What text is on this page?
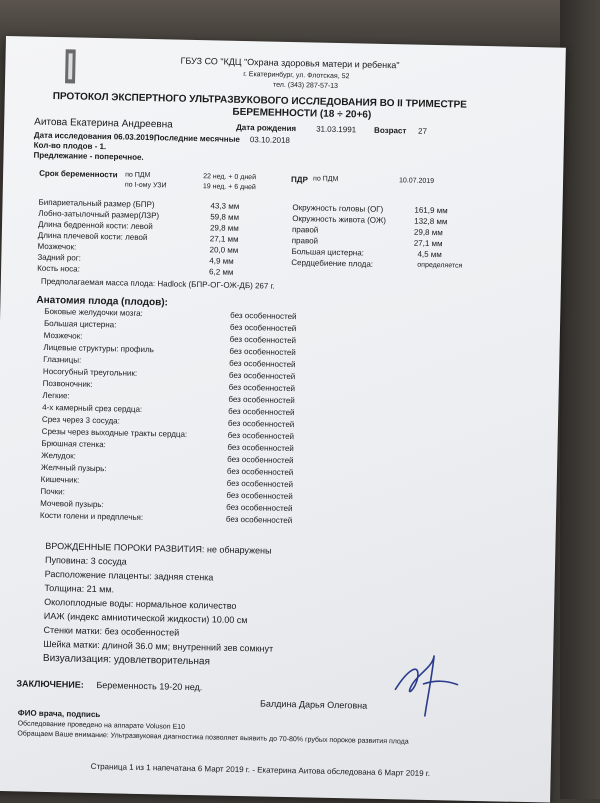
ГБУЗ СО "КДЦ "Охрана здоровья матери и ребенка"
г. Екатеринбург, ул. Флотская, 52
тел. (343) 287-57-13
ПРОТОКОЛ ЭКСПЕРТНОГО УЛЬТРАЗВУКОВОГО ИССЛЕДОВАНИЯ ВО II ТРИМЕСТРЕ
БЕРЕМЕННОСТИ (18 ÷ 20+6)
Аитова Екатерина Андреевна	Дата рождения 31.03.1991 Возраст 27
Дата исследования 06.03.2019,
Последние месячные 03.10.2018
Кол-во плодов - 1.
Предлежание - поперечное.
Срок беременности по ПДМ	22 нед. + 0 дней
по I-ому УЗИ	19 нед. + 6 дней
ПДР по ПДМ	10.07.2019
Бипариетальный размер (БПР)	43,3 мм
Лобно-затылочный размер(ЛЗР)	59,8 мм
Длина бедренной кости: левой	29,8 мм
Длина плечевой кости: левой	27,1 мм
Мозжечок:	20,0 мм
Задний рог:	4,9 мм
Кость носа:	6,2 мм
Окружность головы (ОГ)	161,9 мм
Окружность живота (ОЖ)	132,8 мм
правой	29,8 мм
правой	27,1 мм
Большая цистерна:	4,5 мм
Сердцебиение плода:	определяется
Предполагаемая масса плода: Hadlock (БПР-ОГ-ОЖ-ДБ) 267 г.
Анатомия плода (плодов):
Боковые желудочки мозга:	без особенностей
Большая цистерна:	без особенностей
Мозжечок:	без особенностей
Лицевые структуры: профиль	без особенностей
Глазницы:	без особенностей
Носогубный треугольник:	без особенностей
Позвоночник:	без особенностей
Легкие:	без особенностей
4-х камерный срез сердца:	без особенностей
Срез через 3 сосуда:	без особенностей
Срезы через выходные тракты сердца:	без особенностей
Брюшная стенка:	без особенностей
Желудок:	без особенностей
Желчный пузырь:	без особенностей
Кишечник:	без особенностей
Почки:	без особенностей
Мочевой пузырь:	без особенностей
Кости голени и предплечья:	без особенностей
ВРОЖДЕННЫЕ ПОРОКИ РАЗВИТИЯ: не обнаружены
Пуповина: 3 сосуда
Расположение плаценты: задняя стенка
Толщина: 21 мм.
Околоплодные воды: нормальное количество
ИАЖ (индекс амниотической жидкости) 10.00 см
Стенки матки: без особенностей
Шейка матки: длиной 36.0 мм; внутренний зев сомкнут
Визуализация: удовлетворительная
ЗАКЛЮЧЕНИЕ: Беременность 19-20 нед.
Балдина Дарья Олеговна
ФИО врача, подпись
Обследование проведено на аппарате Voluson E10
Обращаем Ваше внимание: Ультразвуковая диагностика позволяет выявить до 70-80% грубых пороков развития плода
Страница 1 из 1 напечатана 6 Март 2019 г. - Екатерина Аитова обследована 6 Март 2019 г.
